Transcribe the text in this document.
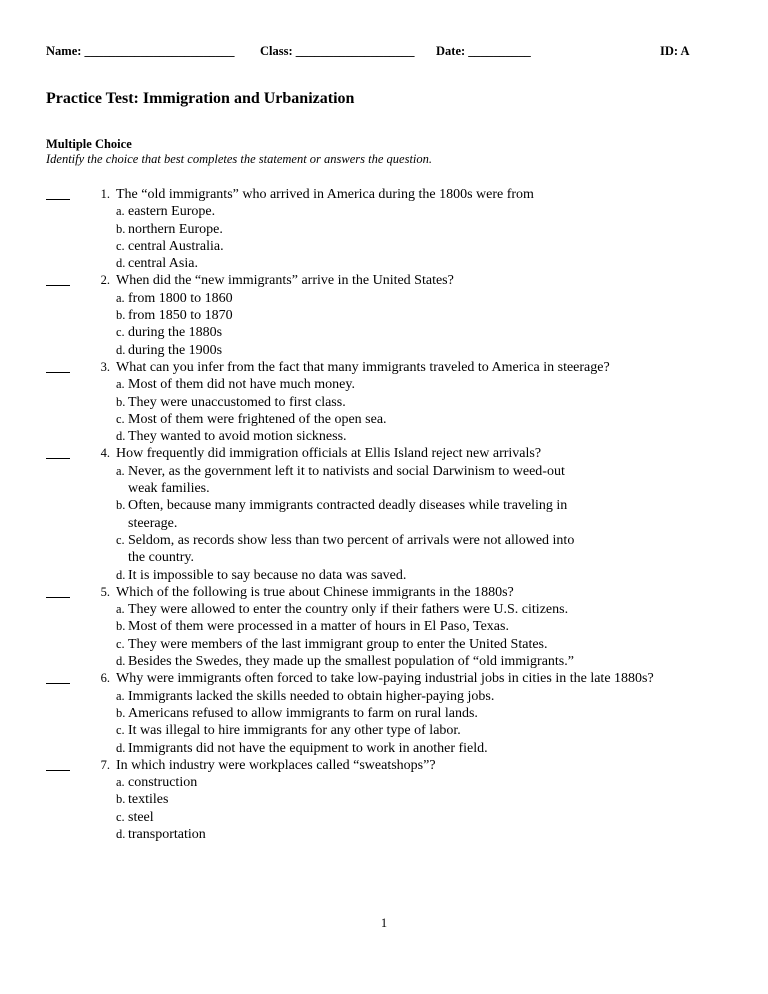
Name: ________________________ Class: ___________________ Date: __________	ID: A
Practice Test: Immigration and Urbanization
Multiple Choice
Identify the choice that best completes the statement or answers the question.
1. The “old immigrants” who arrived in America during the 1800s were from
a. eastern Europe.
b. northern Europe.
c. central Australia.
d. central Asia.
2. When did the “new immigrants” arrive in the United States?
a. from 1800 to 1860
b. from 1850 to 1870
c. during the 1880s
d. during the 1900s
3. What can you infer from the fact that many immigrants traveled to America in steerage?
a. Most of them did not have much money.
b. They were unaccustomed to first class.
c. Most of them were frightened of the open sea.
d. They wanted to avoid motion sickness.
4. How frequently did immigration officials at Ellis Island reject new arrivals?
a. Never, as the government left it to nativists and social Darwinism to weed-out
weak families.
b. Often, because many immigrants contracted deadly diseases while traveling in
steerage.
c. Seldom, as records show less than two percent of arrivals were not allowed into
the country.
d. It is impossible to say because no data was saved.
5. Which of the following is true about Chinese immigrants in the 1880s?
a. They were allowed to enter the country only if their fathers were U.S. citizens.
b. Most of them were processed in a matter of hours in El Paso, Texas.
c. They were members of the last immigrant group to enter the United States.
d. Besides the Swedes, they made up the smallest population of “old immigrants.”
6. Why were immigrants often forced to take low-paying industrial jobs in cities in the late 1880s?
a. Immigrants lacked the skills needed to obtain higher-paying jobs.
b. Americans refused to allow immigrants to farm on rural lands.
c. It was illegal to hire immigrants for any other type of labor.
d. Immigrants did not have the equipment to work in another field.
7. In which industry were workplaces called “sweatshops”?
a. construction
b. textiles
c. steel
d. transportation
1
